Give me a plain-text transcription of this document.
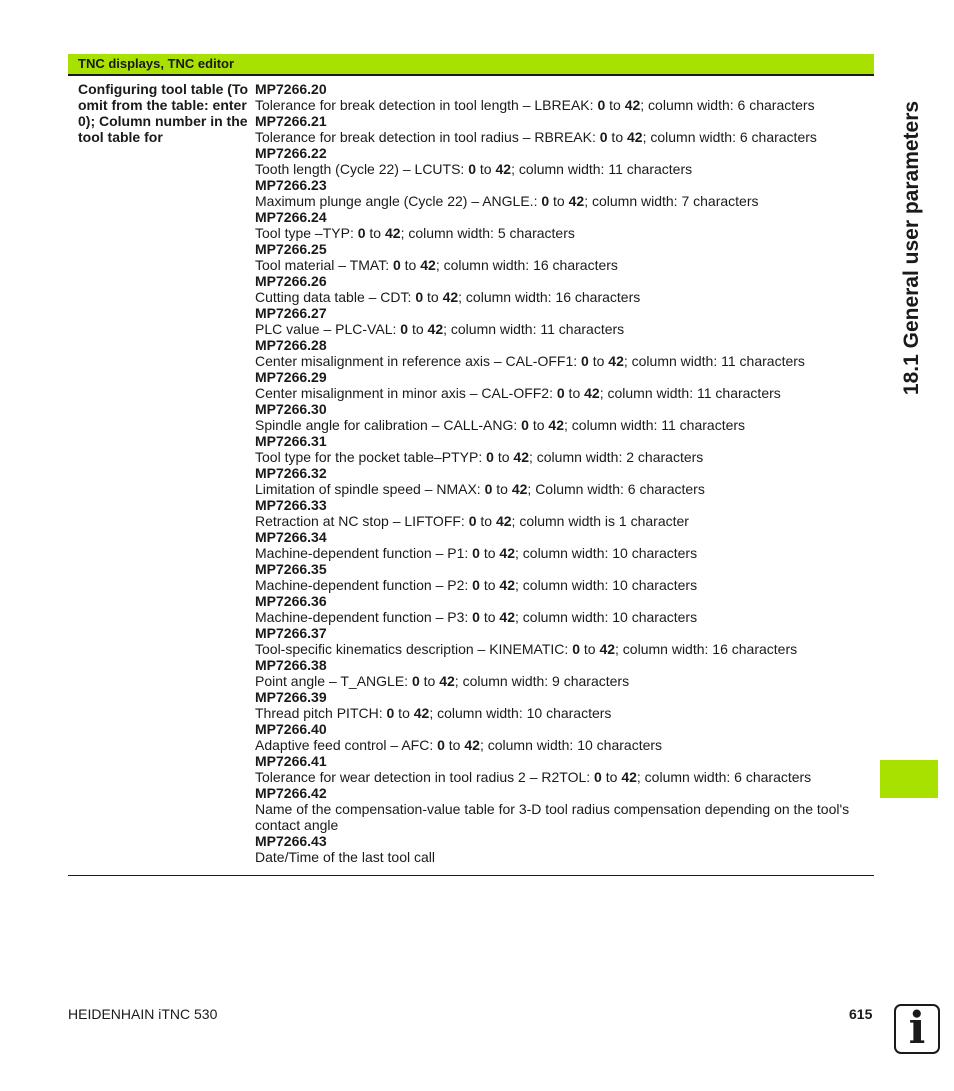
TNC displays, TNC editor
Configuring tool table (To omit from the table: enter 0); Column number in the tool table for
MP7266.20
Tolerance for break detection in tool length – LBREAK: 0 to 42; column width: 6 characters
MP7266.21
Tolerance for break detection in tool radius – RBREAK: 0 to 42; column width: 6 characters
MP7266.22
Tooth length (Cycle 22) – LCUTS: 0 to 42; column width: 11 characters
MP7266.23
Maximum plunge angle (Cycle 22) – ANGLE.: 0 to 42; column width: 7 characters
MP7266.24
Tool type –TYP: 0 to 42; column width: 5 characters
MP7266.25
Tool material – TMAT: 0 to 42; column width: 16 characters
MP7266.26
Cutting data table – CDT: 0 to 42; column width: 16 characters
MP7266.27
PLC value – PLC-VAL: 0 to 42; column width: 11 characters
MP7266.28
Center misalignment in reference axis – CAL-OFF1: 0 to 42; column width: 11 characters
MP7266.29
Center misalignment in minor axis – CAL-OFF2: 0 to 42; column width: 11 characters
MP7266.30
Spindle angle for calibration – CALL-ANG: 0 to 42; column width: 11 characters
MP7266.31
Tool type for the pocket table–PTYP: 0 to 42; column width: 2 characters
MP7266.32
Limitation of spindle speed – NMAX: 0 to 42; Column width: 6 characters
MP7266.33
Retraction at NC stop – LIFTOFF: 0 to 42; column width is 1 character
MP7266.34
Machine-dependent function – P1: 0 to 42; column width: 10 characters
MP7266.35
Machine-dependent function – P2: 0 to 42; column width: 10 characters
MP7266.36
Machine-dependent function – P3: 0 to 42; column width: 10 characters
MP7266.37
Tool-specific kinematics description – KINEMATIC: 0 to 42; column width: 16 characters
MP7266.38
Point angle – T_ANGLE: 0 to 42; column width: 9 characters
MP7266.39
Thread pitch PITCH: 0 to 42; column width: 10 characters
MP7266.40
Adaptive feed control – AFC: 0 to 42; column width: 10 characters
MP7266.41
Tolerance for wear detection in tool radius 2 – R2TOL: 0 to 42; column width: 6 characters
MP7266.42
Name of the compensation-value table for 3-D tool radius compensation depending on the tool's contact angle
MP7266.43
Date/Time of the last tool call
18.1 General user parameters
HEIDENHAIN iTNC 530	615 i
